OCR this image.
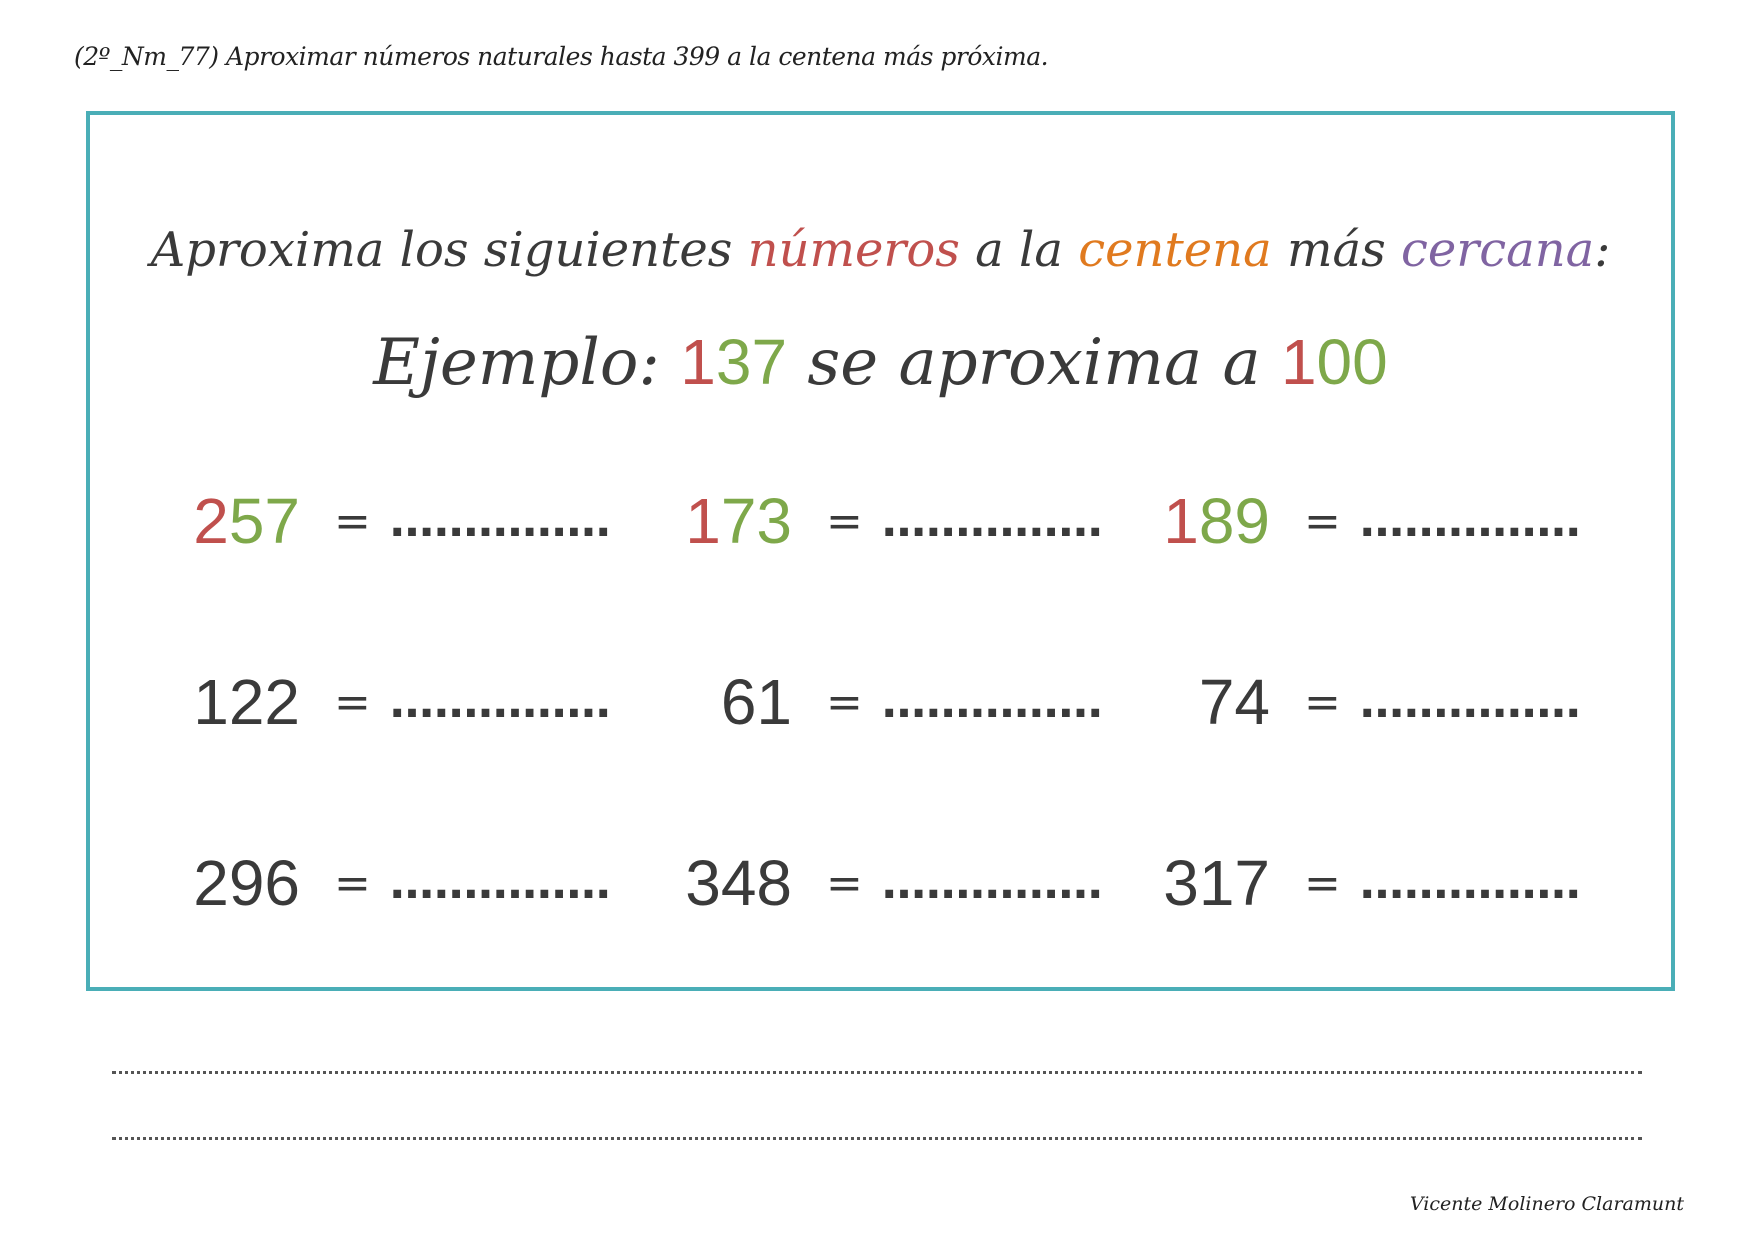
(2º_Nm_77) Aproximar números naturales hasta 399 a la centena más próxima.
Aproxima los siguientes números a la centena más cercana:
Ejemplo: 137 se aproxima a 100
257 = ............... 173 = ............... 189 = ...............
122 = ...............	61 = ...............	74 = ...............
296 = ............... 348 = ............... 317 = ...............
Vicente Molinero Claramunt
